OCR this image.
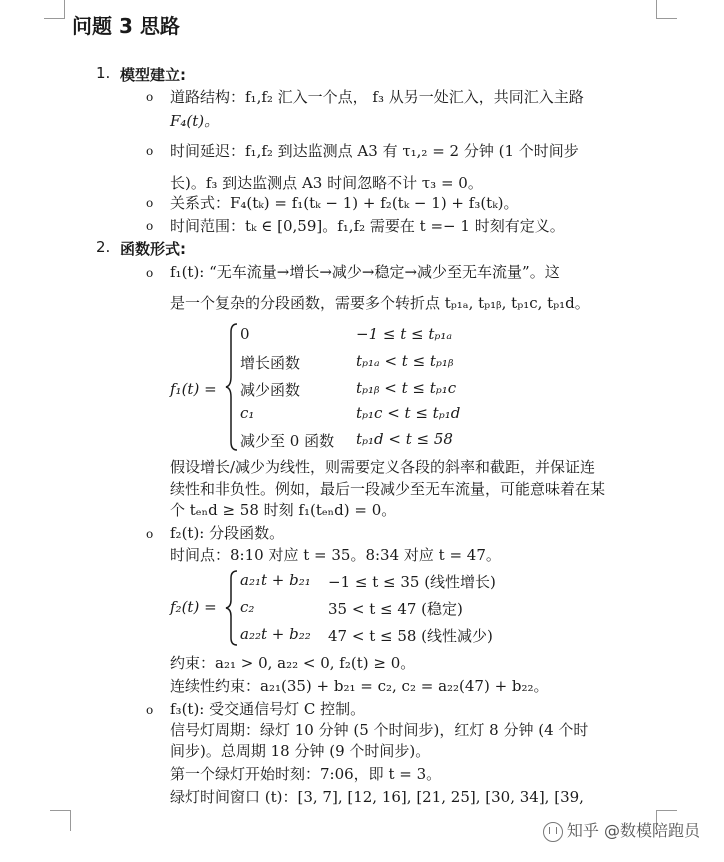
问题 3 思路
1. 模型建立:
o 道路结构：f₁,f₂ 汇入一个点， f₃ 从另一处汇入，共同汇入主路
F₄(t)。
o 时间延迟：f₁,f₂ 到达监测点 A3 有 τ₁,₂ = 2 分钟 (1 个时间步
长)。f₃ 到达监测点 A3 时间忽略不计 τ₃ = 0。
o 关系式：F₄(tₖ) = f₁(tₖ − 1) + f₂(tₖ − 1) + f₃(tₖ)。
o 时间范围：tₖ ∈ [0,59]。f₁,f₂ 需要在 t =− 1 时刻有定义。
2. 函数形式:
o f₁(t): “无车流量→增长→减少→稳定→减少至无车流量”。这
是一个复杂的分段函数，需要多个转折点 tₚ₁ₐ, tₚ₁ᵦ, tₚ₁c, tₚ₁d。
f₁(t) =
0	−1 ≤ t ≤ tₚ₁ₐ
增长函数	tₚ₁ₐ < t ≤ tₚ₁ᵦ
减少函数	tₚ₁ᵦ < t ≤ tₚ₁c
c₁	tₚ₁c < t ≤ tₚ₁d
减少至 0 函数 tₚ₁d < t ≤ 58
假设增长/减少为线性，则需要定义各段的斜率和截距，并保证连
续性和非负性。例如，最后一段减少至无车流量，可能意味着在某
个 tₑₙd ≥ 58 时刻 f₁(tₑₙd) = 0。
o f₂(t): 分段函数。
时间点：8:10 对应 t = 35。8:34 对应 t = 47。
f₂(t) =
a₂₁t + b₂₁ −1 ≤ t ≤ 35 (线性增长)
c₂	35 < t ≤ 47 (稳定)
a₂₂t + b₂₂ 47 < t ≤ 58 (线性减少)
约束：a₂₁ > 0, a₂₂ < 0, f₂(t) ≥ 0。
连续性约束：a₂₁(35) + b₂₁ = c₂, c₂ = a₂₂(47) + b₂₂。
o f₃(t): 受交通信号灯 C 控制。
信号灯周期：绿灯 10 分钟 (5 个时间步)，红灯 8 分钟 (4 个时
间步)。总周期 18 分钟 (9 个时间步)。
第一个绿灯开始时刻：7:06，即 t = 3。
绿灯时间窗口 (t)：[3, 7], [12, 16], [21, 25], [30, 34], [39,
知乎 @数模陪跑员
